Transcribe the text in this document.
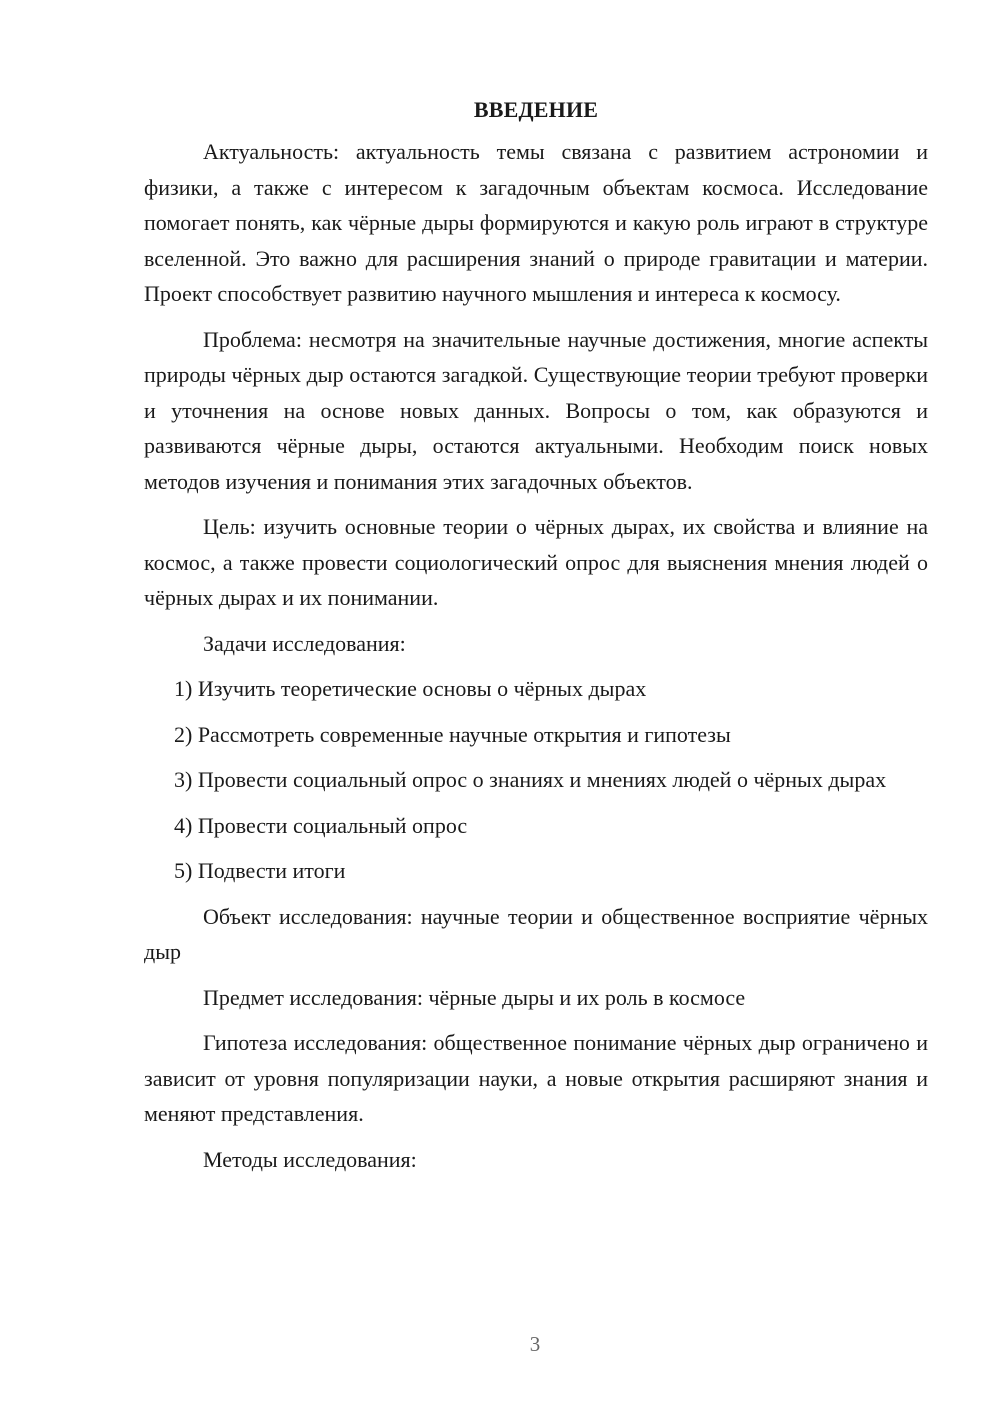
ВВЕДЕНИЕ

Актуальность: актуальность темы связана с развитием астрономии и физики, а также с интересом к загадочным объектам космоса. Исследование помогает понять, как чёрные дыры формируются и какую роль играют в структуре вселенной. Это важно для расширения знаний о природе гравитации и материи. Проект способствует развитию научного мышления и интереса к космосу.

Проблема: несмотря на значительные научные достижения, многие аспекты природы чёрных дыр остаются загадкой. Существующие теории требуют проверки и уточнения на основе новых данных. Вопросы о том, как образуются и развиваются чёрные дыры, остаются актуальными. Необходим поиск новых методов изучения и понимания этих загадочных объектов.

Цель: изучить основные теории о чёрных дырах, их свойства и влияние на космос, а также провести социологический опрос для выяснения мнения людей о чёрных дырах и их понимании.

Задачи исследования:

1) Изучить теоретические основы о чёрных дырах

2) Рассмотреть современные научные открытия и гипотезы

3) Провести социальный опрос о знаниях и мнениях людей о чёрных дырах

4) Провести социальный опрос

5) Подвести итоги

Объект исследования: научные теории и общественное восприятие чёрных дыр

Предмет исследования: чёрные дыры и их роль в космосе

Гипотеза исследования: общественное понимание чёрных дыр ограничено и зависит от уровня популяризации науки, а новые открытия расширяют знания и меняют представления.

Методы исследования:

3
